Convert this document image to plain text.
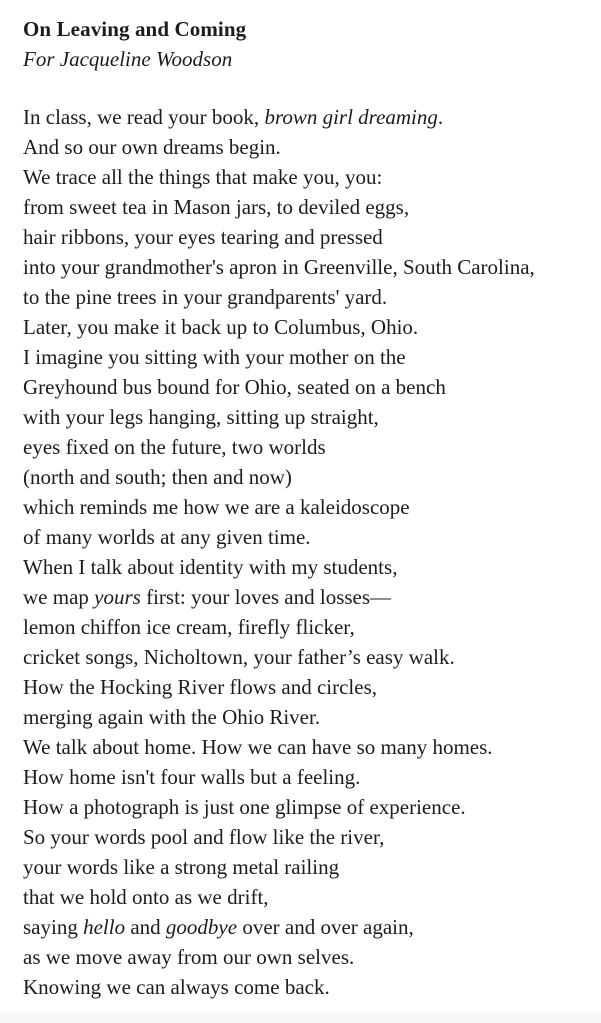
On Leaving and Coming
For Jacqueline Woodson
In class, we read your book, brown girl dreaming.
And so our own dreams begin.
We trace all the things that make you, you:
from sweet tea in Mason jars, to deviled eggs,
hair ribbons, your eyes tearing and pressed
into your grandmother's apron in Greenville, South Carolina,
to the pine trees in your grandparents' yard.
Later, you make it back up to Columbus, Ohio.
I imagine you sitting with your mother on the
Greyhound bus bound for Ohio, seated on a bench
with your legs hanging, sitting up straight,
eyes fixed on the future, two worlds
(north and south; then and now)
which reminds me how we are a kaleidoscope
of many worlds at any given time.
When I talk about identity with my students,
we map yours first: your loves and losses—
lemon chiffon ice cream, firefly flicker,
cricket songs, Nicholtown, your father’s easy walk.
How the Hocking River flows and circles,
merging again with the Ohio River.
We talk about home. How we can have so many homes.
How home isn't four walls but a feeling.
How a photograph is just one glimpse of experience.
So your words pool and flow like the river,
your words like a strong metal railing
that we hold onto as we drift,
saying hello and goodbye over and over again,
as we move away from our own selves.
Knowing we can always come back.
